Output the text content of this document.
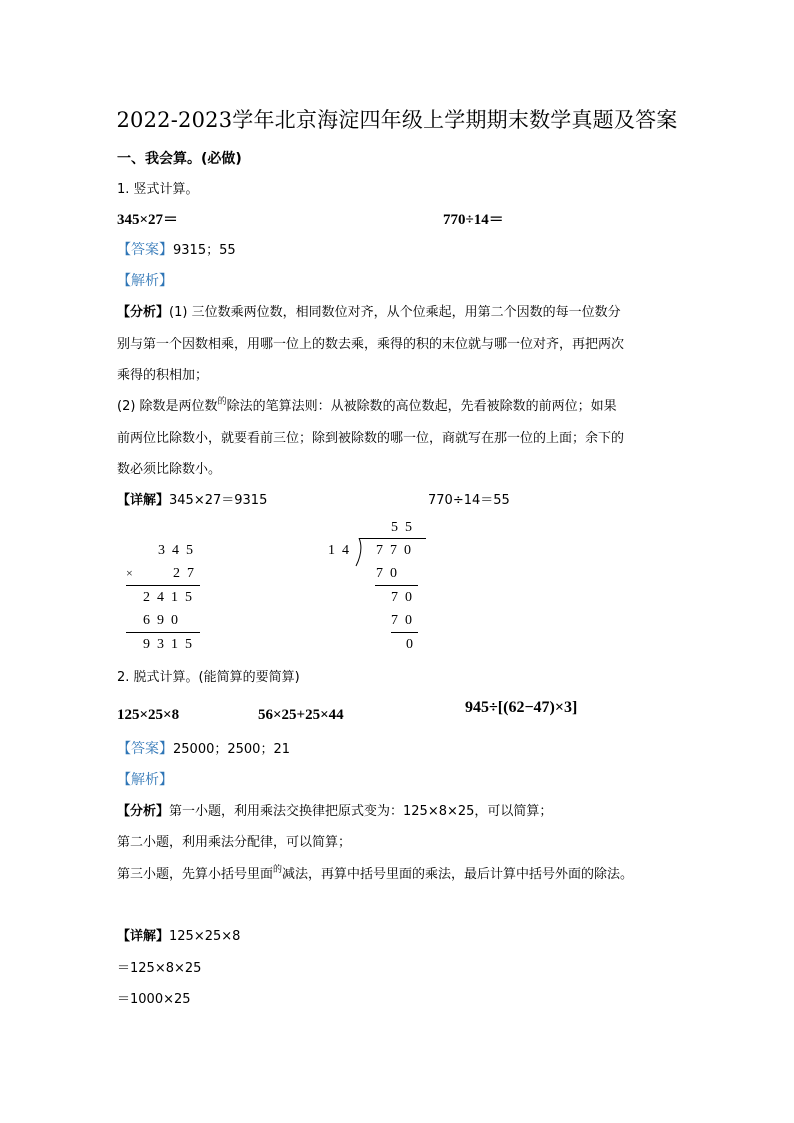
2022-2023学年北京海淀四年级上学期期末数学真题及答案
一、我会算。(必做)
1. 竖式计算。
345×27＝	770÷14＝
【答案】9315；55
【解析】
【分析】(1) 三位数乘两位数，相同数位对齐，从个位乘起，用第二个因数的每一位数分
别与第一个因数相乘，用哪一位上的数去乘，乘得的积的末位就与哪一位对齐，再把两次
乘得的积相加；
(2) 除数是两位数$^的$除法的笔算法则：从被除数的高位数起，先看被除数的前两位；如果
前两位比除数小，就要看前三位；除到被除数的哪一位，商就写在那一位的上面；余下的
数必须比除数小。
【详解】345×27＝9315	770÷14＝55
345
× 27
2415
690
9315
55
14 770
70
70
70
0
2. 脱式计算。(能简算的要简算)
125×25×8	56×25+25×44	945÷[(62−47)×3]
【答案】25000；2500；21
【解析】
【分析】第一小题，利用乘法交换律把原式变为：125×8×25，可以简算；
第二小题，利用乘法分配律，可以简算；
第三小题，先算小括号里面$^的$减法，再算中括号里面的乘法，最后计算中括号外面的除法。
【详解】125×25×8
＝125×8×25
＝1000×25
